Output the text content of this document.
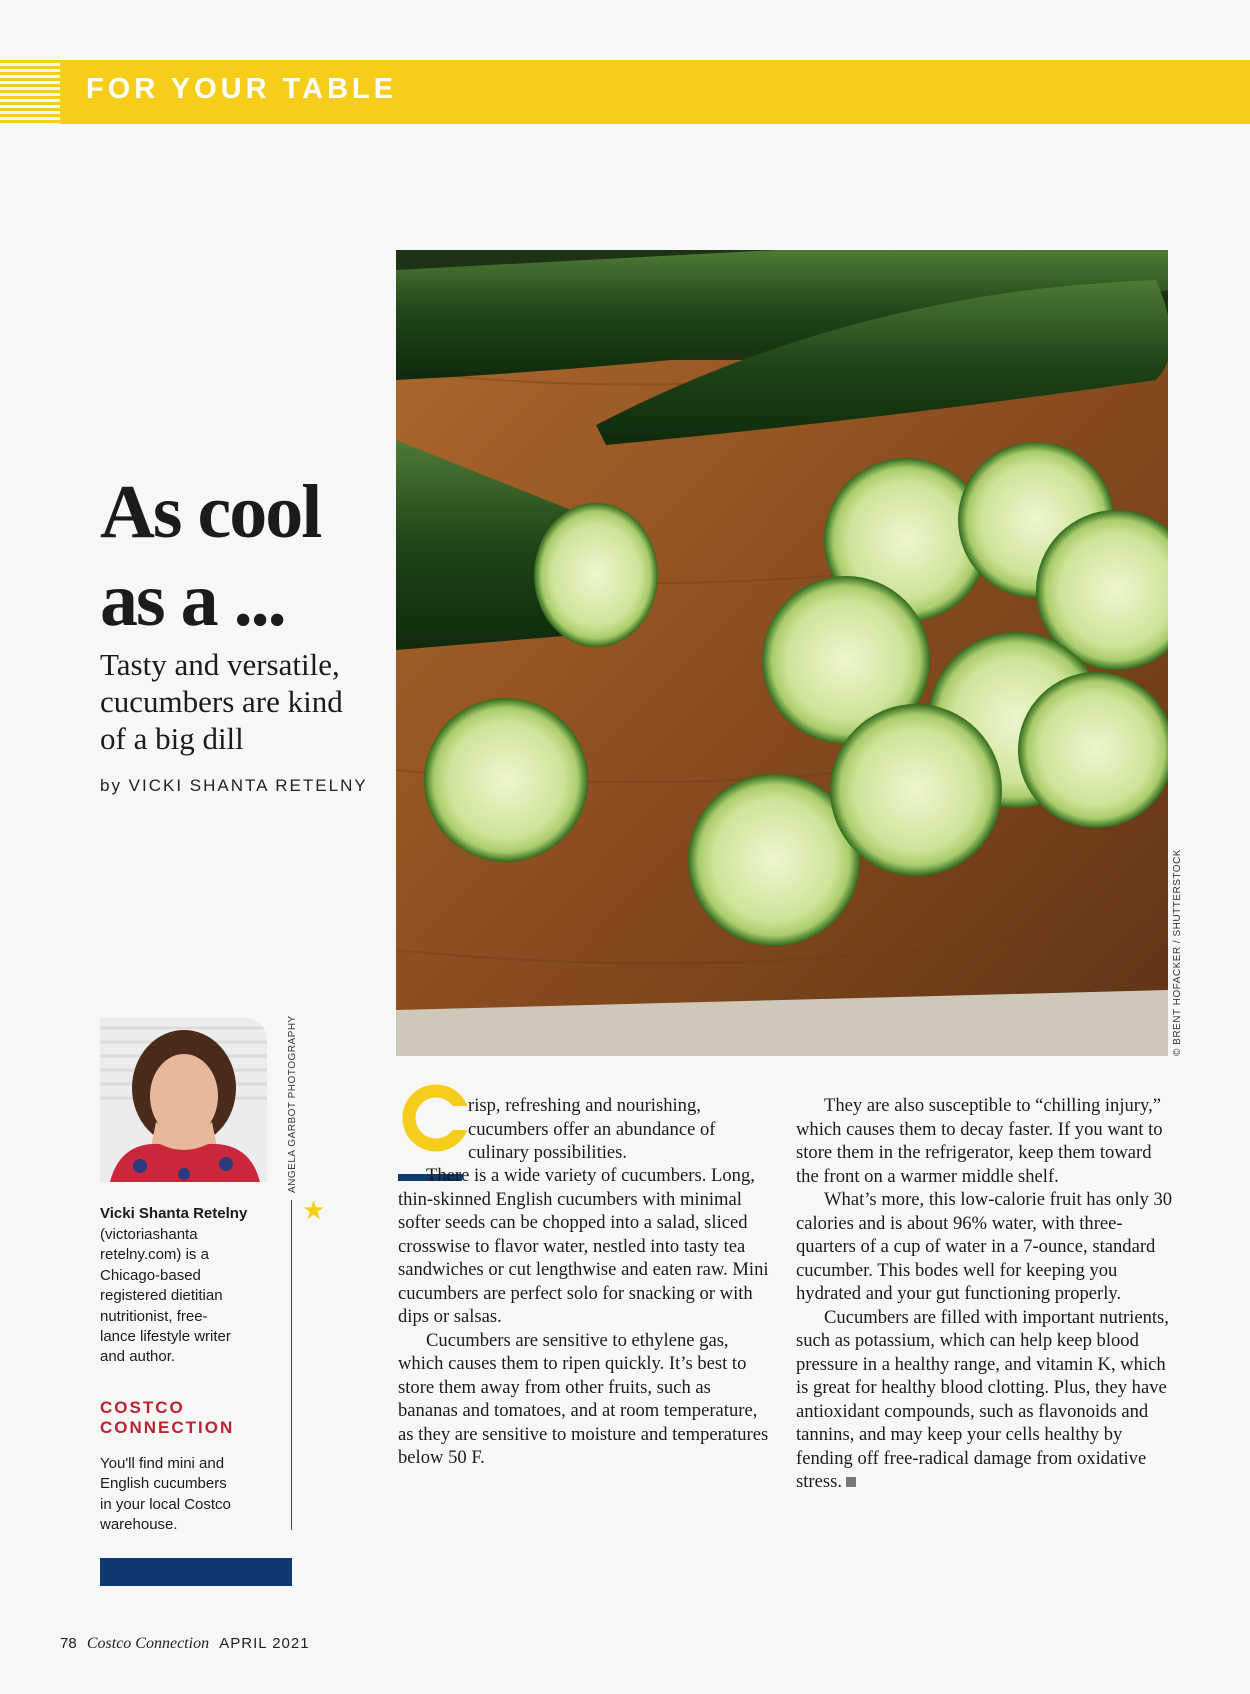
FOR YOUR TABLE
As cool
as a ...
Tasty and versatile,
cucumbers are kind
of a big dill
by VICKI SHANTA RETELNY
© BRENT HOFACKER / SHUTTERSTOCK
ANGELA GARBOT PHOTOGRAPHY
★
Vicki Shanta Retelny
(victoriashanta
retelny.com) is a
Chicago-based
registered dietitian
nutritionist, free-
lance lifestyle writer
and author.
COSTCO CONNECTION
You'll find mini and
English cucumbers
in your local Costco
warehouse.

risp, refreshing and nourishing, cucumbers offer an abundance of culinary possibilities.

There is a wide variety of cucumbers. Long, thin-skinned English cucumbers with minimal softer seeds can be chopped into a salad, sliced crosswise to flavor water, nestled into tasty tea sandwiches or cut lengthwise and eaten raw. Mini cucumbers are perfect solo for snacking or with dips or salsas.

Cucumbers are sensitive to ethylene gas, which causes them to ripen quickly. It’s best to store them away from other fruits, such as bananas and tomatoes, and at room temperature, as they are sensitive to moisture and temperatures below 50 F.

They are also susceptible to “chilling injury,” which causes them to decay faster. If you want to store them in the refrigerator, keep them toward the front on a warmer middle shelf.

What’s more, this low-calorie fruit has only 30 calories and is about 96% water, with three-quarters of a cup of water in a 7-ounce, standard cucumber. This bodes well for keeping you hydrated and your gut functioning properly.

Cucumbers are filled with important nutrients, such as potassium, which can help keep blood pressure in a healthy range, and vitamin K, which is great for healthy blood clotting. Plus, they have antioxidant compounds, such as flavonoids and tannins, and may keep your cells healthy by fending off free-radical damage from oxidative stress.

78 Costco Connection APRIL 2021
